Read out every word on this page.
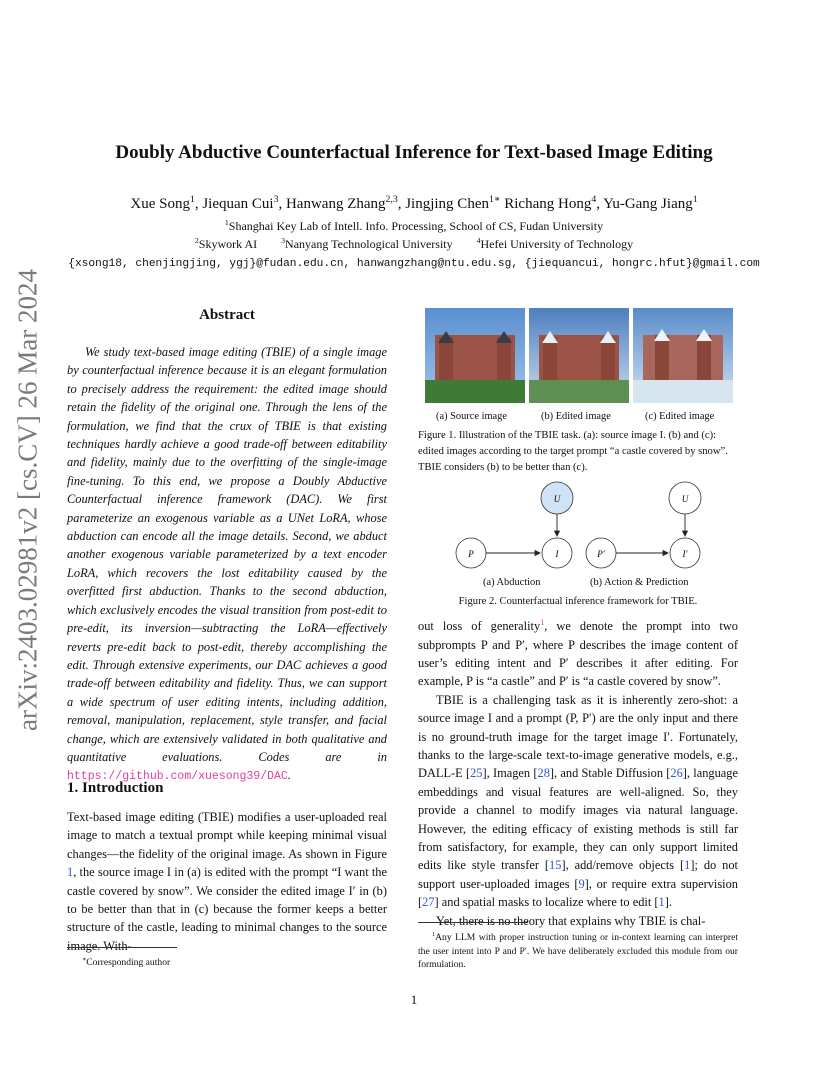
arXiv:2403.02981v2 [cs.CV] 26 Mar 2024
Doubly Abductive Counterfactual Inference for Text-based Image Editing
Xue Song$^1$, Jiequan Cui$^3$, Hanwang Zhang$^{2,3}$, Jingjing Chen$^{1∗}$ Richang Hong$^4$, Yu-Gang Jiang$^1$
$^1$Shanghai Key Lab of Intell. Info. Processing, School of CS, Fudan University
$^2$Skywork AI	$^3$Nanyang Technological University	$^4$Hefei University of Technology
{xsong18, chenjingjing, ygj}@fudan.edu.cn, hanwangzhang@ntu.edu.sg, {jiequancui, hongrc.hfut}@gmail.com
Abstract

We study text-based image editing (TBIE) of a single image by counterfactual inference because it is an elegant formulation to precisely address the requirement: the edited image should retain the fidelity of the original one. Through the lens of the formulation, we find that the crux of TBIE is that existing techniques hardly achieve a good trade-off between editability and fidelity, mainly due to the overfitting of the single-image fine-tuning. To this end, we propose a Doubly Abductive Counterfactual inference framework (DAC). We first parameterize an exogenous variable as a UNet LoRA, whose abduction can encode all the image details. Second, we abduct another exogenous variable parameterized by a text encoder LoRA, which recovers the lost editability caused by the overfitted first abduction. Thanks to the second abduction, which exclusively encodes the visual transition from post-edit to pre-edit, its inversion—subtracting the LoRA—effectively reverts pre-edit back to post-edit, thereby accomplishing the edit. Through extensive experiments, our DAC achieves a good trade-off between editability and fidelity. Thus, we can support a wide spectrum of user editing intents, including addition, removal, manipulation, replacement, style transfer, and facial change, which are extensively validated in both qualitative and quantitative evaluations. Codes are in https://github.com/xuesong39/DAC.

1. Introduction

Text-based image editing (TBIE) modifies a user-uploaded real image to match a textual prompt while keeping minimal visual changes—the fidelity of the original image. As shown in Figure 1, the source image I in (a) is edited with the prompt “I want the castle covered by snow”. We consider the edited image I′ in (b) to be better than that in (c) because the former keeps a better structure of the castle, leading to minimal changes to the source image. With-

∗Corresponding author
(a) Source image	(b) Edited image	(c) Edited image
Figure 1. Illustration of the TBIE task. (a): source image I. (b) and (c): edited images according to the target prompt “a castle covered by snow”. TBIE considers (b) to be better than (c).
U
P	I
U
P′	I′
(a) Abduction	(b) Action & Prediction
Figure 2. Counterfactual inference framework for TBIE.

out loss of generality$^1$, we denote the prompt into two subprompts P and P′, where P describes the image content of user’s editing intent and P′ describes it after editing. For example, P is “a castle” and P′ is “a castle covered by snow”.

TBIE is a challenging task as it is inherently zero-shot: a source image I and a prompt (P, P′) are the only input and there is no ground-truth image for the target image I′. Fortunately, thanks to the large-scale text-to-image generative models, e.g., DALL-E [25], Imagen [28], and Stable Diffusion [26], language embeddings and visual features are well-aligned. So, they provide a channel to modify images via natural language. However, the editing efficacy of existing methods is still far from satisfactory, for example, they can only support limited edits like style transfer [15], add/remove objects [1]; do not support user-uploaded images [9], or require extra supervision [27] and spatial masks to localize where to edit [1].

Yet, there is no theory that explains why TBIE is chal-

$^1$Any LLM with proper instruction tuning or in-context learning can interpret the user intent into P and P′. We have deliberately excluded this module from our formulation.
1
